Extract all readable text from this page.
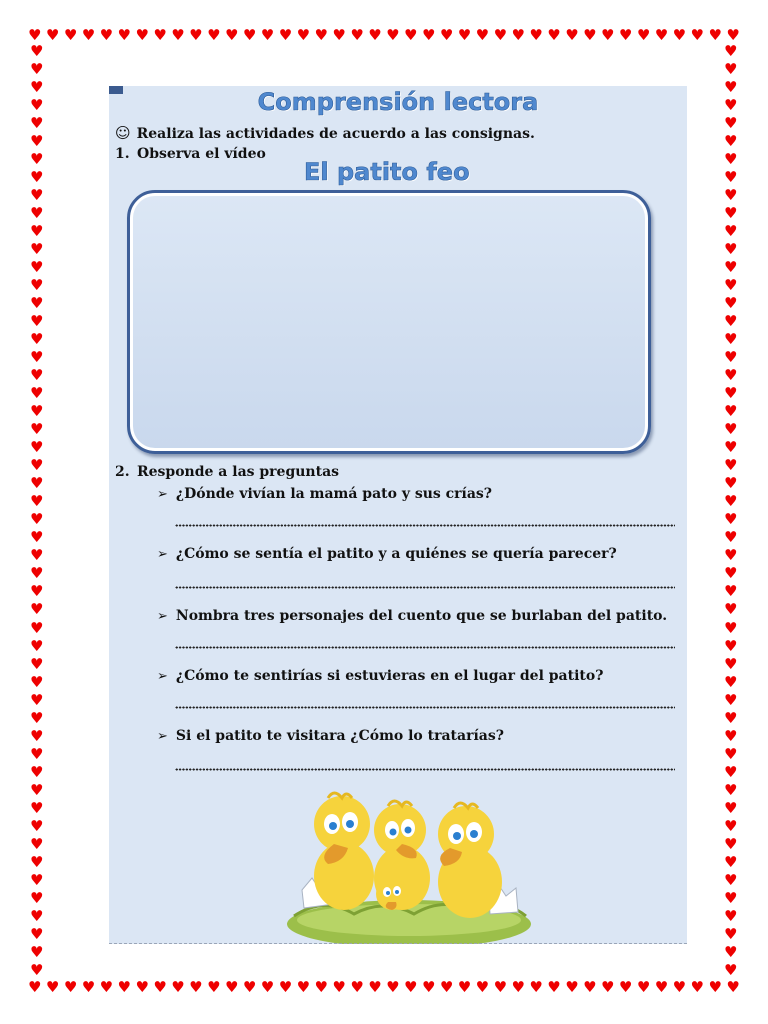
♥ ♥ ♥ ♥ ♥ ♥ ♥ ♥ ♥ ♥ ♥ ♥ ♥ ♥ ♥ ♥ ♥ ♥ ♥ ♥ ♥ ♥ ♥ ♥ ♥ ♥ ♥ ♥ ♥ ♥ ♥ ♥ ♥ ♥ ♥ ♥ ♥ ♥ ♥ ♥
♥ ♥ ♥ ♥ ♥ ♥ ♥ ♥ ♥ ♥ ♥ ♥ ♥ ♥ ♥ ♥ ♥ ♥ ♥ ♥ ♥ ♥ ♥ ♥ ♥ ♥ ♥ ♥ ♥ ♥ ♥ ♥ ♥ ♥ ♥ ♥ ♥ ♥ ♥ ♥
♥
♥
♥
♥
♥
♥
♥
♥
♥
♥
♥
♥
♥
♥
♥
♥
♥
♥
♥
♥
♥
♥
♥
♥
♥
♥
♥
♥
♥
♥
♥
♥
♥
♥
♥
♥
♥
♥
♥
♥
♥
♥
♥
♥
♥
♥
♥
♥
♥
♥
♥
♥
♥
♥
♥
♥
♥
♥
♥
♥
♥
♥
♥
♥
♥
♥
♥
♥
♥
♥
♥
♥
♥
♥
♥
♥
♥
♥
♥
♥
♥
♥
♥
♥
♥
♥
♥
♥
♥
♥
♥
♥
♥
♥
♥
♥
♥
♥
♥
♥
♥
♥
♥
♥
Comprensión lectora
☺ Realiza las actividades de acuerdo a las consignas.
1. Observa el vídeo
El patito feo
2. Responde a las preguntas
➢ ¿Dónde vivían la mamá pato y sus crías?
➢ ¿Cómo se sentía el patito y a quiénes se quería parecer?
➢ Nombra tres personajes del cuento que se burlaban del patito.
➢ ¿Cómo te sentirías si estuvieras en el lugar del patito?
➢ Si el patito te visitara ¿Cómo lo tratarías?
